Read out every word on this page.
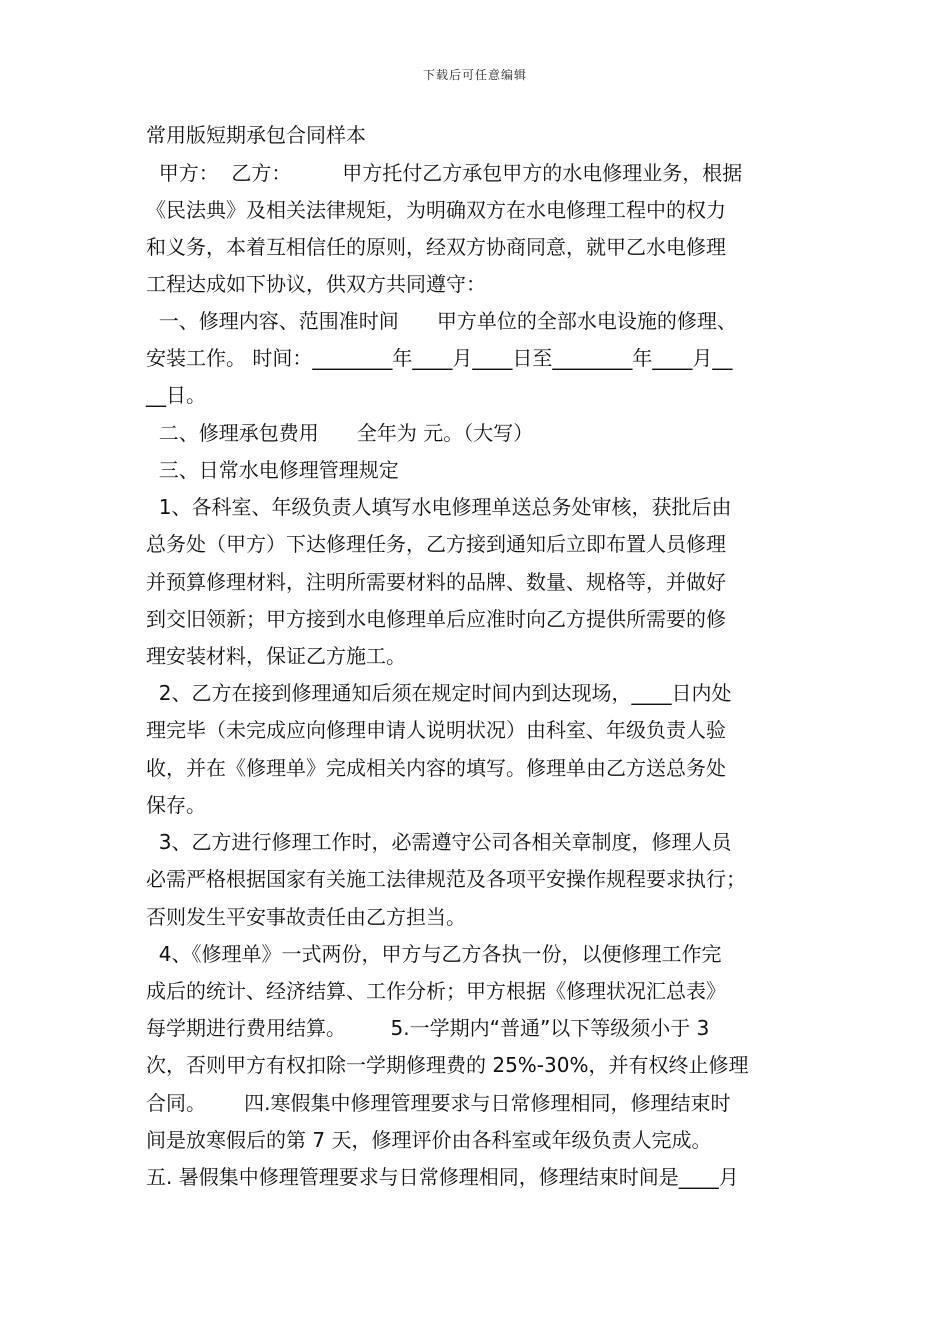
下载后可任意编辑
常用版短期承包合同样本
甲方：  乙方：        甲方托付乙方承包甲方的水电修理业务，根据
《民法典》及相关法律规矩，为明确双方在水电修理工程中的权力
和义务，本着互相信任的原则，经双方协商同意，就甲乙水电修理
工程达成如下协议，供双方共同遵守：
一、修理内容、范围准时间      甲方单位的全部水电设施的修理、
安装工作。 时间：________年____月____日至________年____月__
__日。
二、修理承包费用      全年为 元。（大写）
三、日常水电修理管理规定
1、各科室、年级负责人填写水电修理单送总务处审核，获批后由
总务处（甲方）下达修理任务，乙方接到通知后立即布置人员修理
并预算修理材料，注明所需要材料的品牌、数量、规格等，并做好
到交旧领新；甲方接到水电修理单后应准时向乙方提供所需要的修
理安装材料，保证乙方施工。
2、乙方在接到修理通知后须在规定时间内到达现场，____日内处
理完毕（未完成应向修理申请人说明状况）由科室、年级负责人验
收，并在《修理单》完成相关内容的填写。修理单由乙方送总务处
保存。
3、乙方进行修理工作时，必需遵守公司各相关章制度，修理人员
必需严格根据国家有关施工法律规范及各项平安操作规程要求执行；
否则发生平安事故责任由乙方担当。
4、《修理单》一式两份，甲方与乙方各执一份，以便修理工作完
成后的统计、经济结算、工作分析；甲方根据《修理状况汇总表》
每学期进行费用结算。       5.一学期内“普通”以下等级须小于 3
次，否则甲方有权扣除一学期修理费的 25%-30%，并有权终止修理
合同。      四.寒假集中修理管理要求与日常修理相同，修理结束时
间是放寒假后的第 7 天，修理评价由各科室或年级负责人完成。
五. 暑假集中修理管理要求与日常修理相同，修理结束时间是____月
